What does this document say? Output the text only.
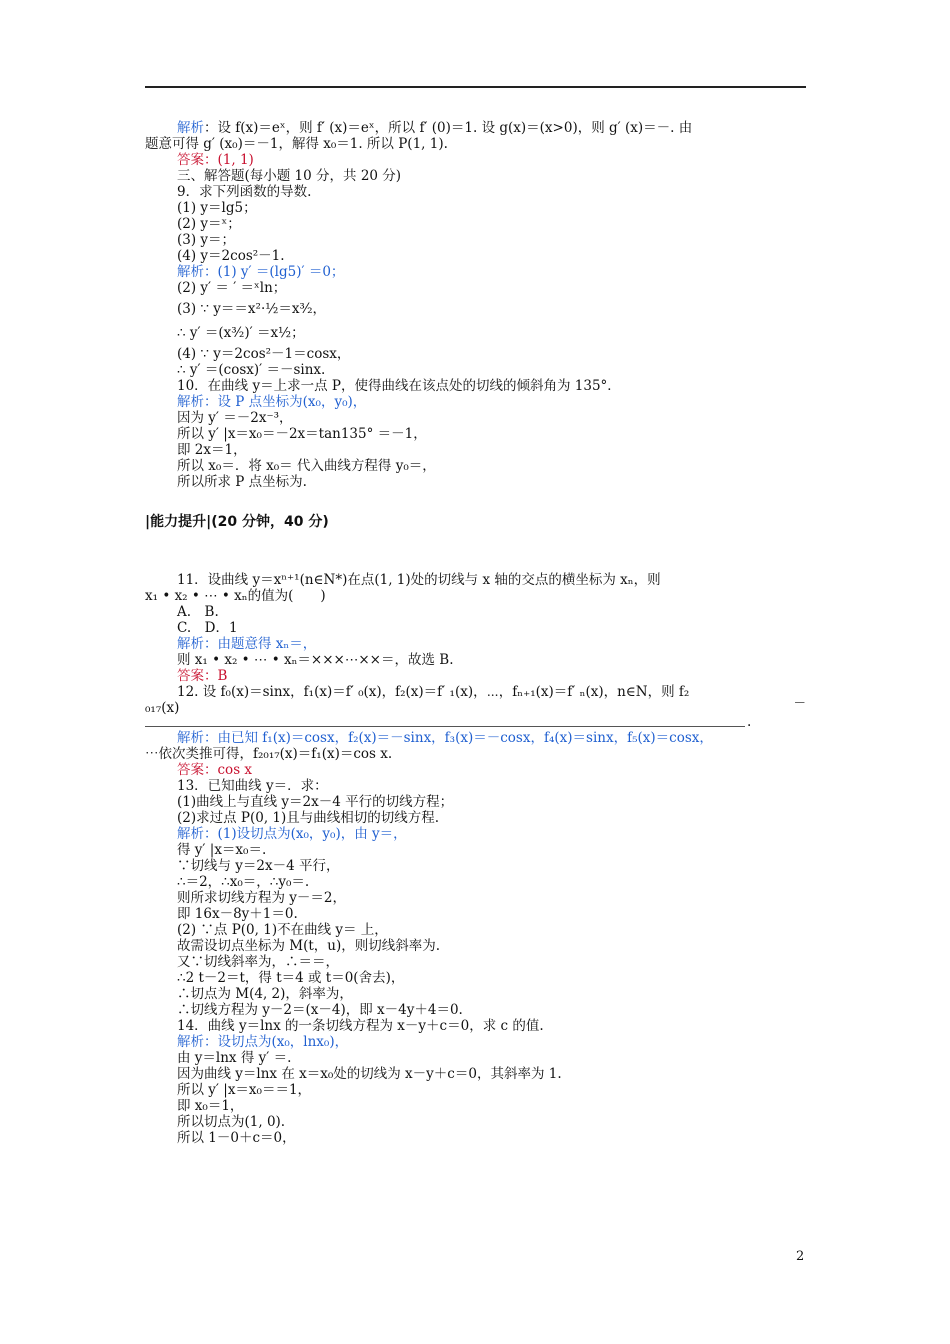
解析：设 f(x)＝eˣ，则 f′ (x)＝eˣ，所以 f′ (0)＝1. 设 g(x)＝(x>0)，则 g′ (x)＝－. 由
题意可得 g′ (x₀)＝－1，解得 x₀＝1. 所以 P(1, 1).
答案：(1, 1)
三、解答题(每小题 10 分，共 20 分)
9．求下列函数的导数.
(1) y＝lg5；
(2) y＝ˣ；
(3) y＝；
(4) y＝2cos²－1.
解析：(1) y′ ＝(lg5)′ ＝0；
(2) y′ ＝ ′ ＝ˣln；
(3) ∵ y＝＝x²·½＝x³⁄₂，
∴ y′ ＝(x³⁄₂)′ ＝x½；
(4) ∵ y＝2cos²－1＝cosx，
∴ y′ ＝(cosx)′ ＝－sinx.
10．在曲线 y＝上求一点 P，使得曲线在该点处的切线的倾斜角为 135°．
解析：设 P 点坐标为(x₀，y₀)，
因为 y′ ＝－2x⁻³，
所以 y′ |x＝x₀＝－2x＝tan135° ＝－1，
即 2x＝1，
所以 x₀＝．将 x₀＝ 代入曲线方程得 y₀＝，
所以所求 P 点坐标为.
|能力提升|(20 分钟，40 分)
11．设曲线 y＝xⁿ⁺¹(n∈N*)在点(1, 1)处的切线与 x 轴的交点的横坐标为 xₙ，则
x₁ • x₂ • ⋯ • xₙ的值为(　　)
A.　B.
C.　D．1
解析：由题意得 xₙ＝，
则 x₁ • x₂ • ⋯ • xₙ＝×××⋯××＝，故选 B.
答案：B
12. 设 f₀(x)＝sinx，f₁(x)＝f′ ₀(x)，f₂(x)＝f′ ₁(x)，⋯，fₙ₊₁(x)＝f′ ₙ(x)，n∈N，则 f₂
₀₁₇(x)	＝
.
解析：由已知 f₁(x)＝cosx，f₂(x)＝－sinx，f₃(x)＝－cosx，f₄(x)＝sinx，f₅(x)＝cosx，
⋯依次类推可得，f₂₀₁₇(x)＝f₁(x)＝cos x.
答案：cos x
13．已知曲线 y＝．求：
(1)曲线上与直线 y＝2x－4 平行的切线方程；
(2)求过点 P(0, 1)且与曲线相切的切线方程.
解析：(1)设切点为(x₀，y₀)，由 y＝，
得 y′ |x＝x₀＝.
∵切线与 y＝2x－4 平行，
∴＝2，∴x₀＝，∴y₀＝.
则所求切线方程为 y－＝2，
即 16x－8y＋1＝0.
(2) ∵点 P(0, 1)不在曲线 y＝ 上，
故需设切点坐标为 M(t，u)，则切线斜率为.
又∵切线斜率为，∴＝＝，
∴2 t－2＝t，得 t＝4 或 t＝0(舍去)，
∴切点为 M(4, 2)，斜率为，
∴切线方程为 y－2＝(x－4)，即 x－4y＋4＝0.
14．曲线 y＝lnx 的一条切线方程为 x－y＋c＝0，求 c 的值.
解析：设切点为(x₀，lnx₀)，
由 y＝lnx 得 y′ ＝.
因为曲线 y＝lnx 在 x＝x₀处的切线为 x－y＋c＝0，其斜率为 1.
所以 y′ |x＝x₀＝＝1，
即 x₀＝1，
所以切点为(1, 0).
所以 1－0＋c＝0，
2
